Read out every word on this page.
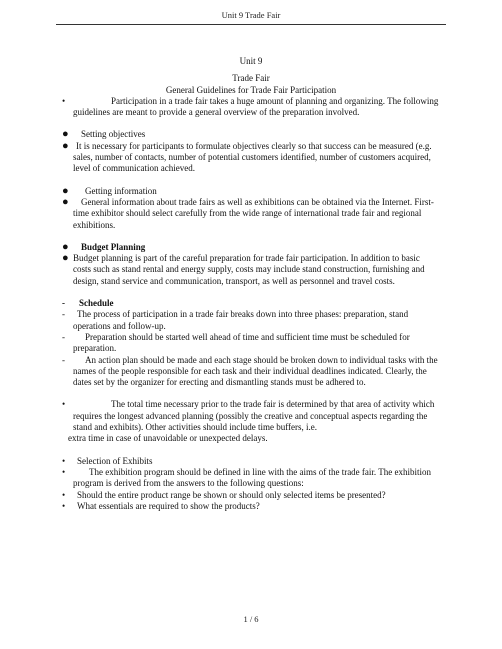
Unit 9 Trade Fair
Unit 9
Trade Fair
General Guidelines for Trade Fair Participation
•	Participation in a trade fair takes a huge amount of planning and organizing. The following guidelines are meant to provide a general overview of the preparation involved.
●	Setting objectives
● It is necessary for participants to formulate objectives clearly so that success can be measured (e.g. sales, number of contacts, number of potential customers identified, number of customers acquired, level of communication achieved.
●	Getting information
●	General information about trade fairs as well as exhibitions can be obtained via the Internet. First-time exhibitor should select carefully from the wide range of international trade fair and regional exhibitions.
●	Budget Planning
● Budget planning is part of the careful preparation for trade fair participation. In addition to basic costs such as stand rental and energy supply, costs may include stand construction, furnishing and design, stand service and communication, transport, as well as personnel and travel costs.
-	Schedule
-	The process of participation in a trade fair breaks down into three phases: preparation, stand operations and follow-up.
-	Preparation should be started well ahead of time and sufficient time must be scheduled for preparation.
-	An action plan should be made and each stage should be broken down to individual tasks with the names of the people responsible for each task and their individual deadlines indicated. Clearly, the dates set by the organizer for erecting and dismantling stands must be adhered to.
•	The total time necessary prior to the trade fair is determined by that area of activity which requires the longest advanced planning (possibly the creative and conceptual aspects regarding the stand and exhibits). Other activities should include time buffers, i.e.
extra time in case of unavoidable or unexpected delays.
•	Selection of Exhibits
•	The exhibition program should be defined in line with the aims of the trade fair. The exhibition program is derived from the answers to the following questions:
•	Should the entire product range be shown or should only selected items be presented?
•	What essentials are required to show the products?
1 / 6
